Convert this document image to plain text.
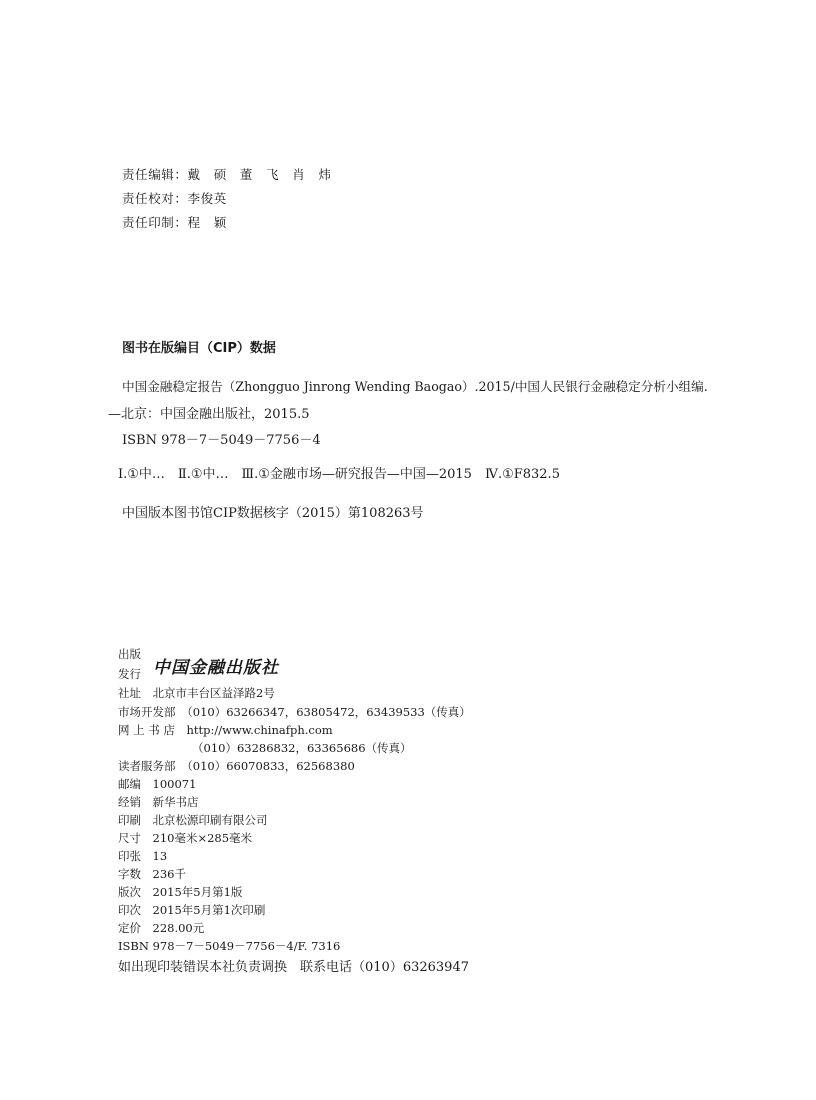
责任编辑：戴　硕　董　飞　肖　炜
责任校对：李俊英
责任印制：程　颖
图书在版编目（CIP）数据
中国金融稳定报告（Zhongguo Jinrong Wending Baogao）.2015/中国人民银行金融稳定分析小组编.
—北京：中国金融出版社，2015.5
ISBN 978－7－5049－7756－4
Ⅰ.①中…　Ⅱ.①中…　Ⅲ.①金融市场—研究报告—中国—2015　Ⅳ.①F832.5
中国版本图书馆CIP数据核字（2015）第108263号
出版
发行 中国金融出版社
社址　北京市丰台区益泽路2号
市场开发部　（010）63266347，63805472，63439533（传真）
网 上 书 店　http://www.chinafph.com
（010）63286832，63365686（传真）
读者服务部　（010）66070833，62568380
邮编　100071
经销　新华书店
印刷　北京松源印刷有限公司
尺寸　210毫米×285毫米
印张　13
字数　236千
版次　2015年5月第1版
印次　2015年5月第1次印刷
定价　228.00元
ISBN 978－7－5049－7756－4/F. 7316
如出现印装错误本社负责调换　联系电话（010）63263947
